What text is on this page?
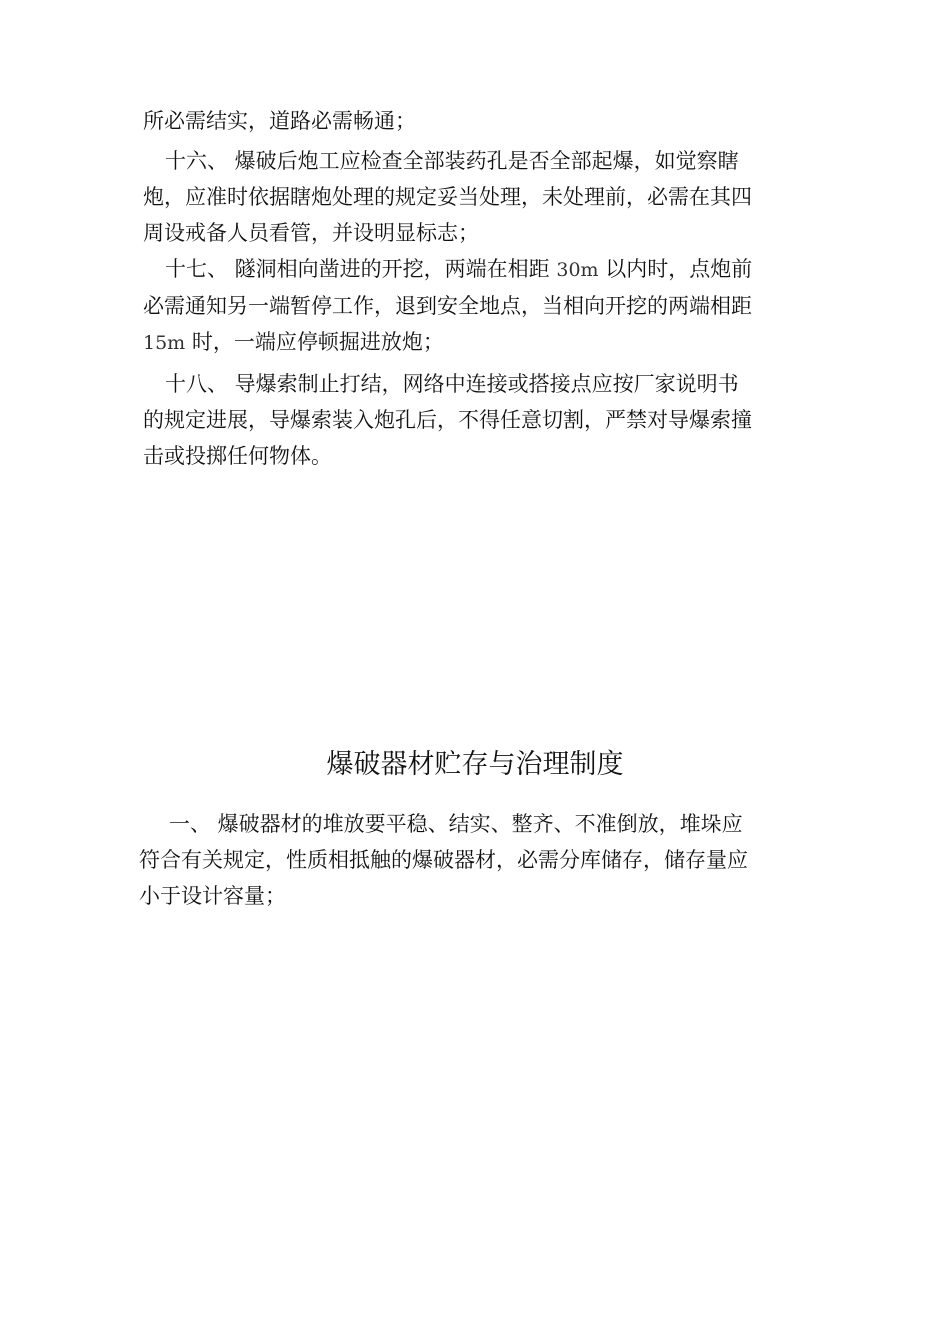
所必需结实，道路必需畅通；

十六、 爆破后炮工应检查全部装药孔是否全部起爆，如觉察瞎
炮，应准时依据瞎炮处理的规定妥当处理，未处理前，必需在其四
周设戒备人员看管，并设明显标志；

十七、 隧洞相向凿进的开挖，两端在相距 30m 以内时，点炮前
必需通知另一端暂停工作，退到安全地点，当相向开挖的两端相距
15m 时，一端应停顿掘进放炮；

十八、 导爆索制止打结，网络中连接或搭接点应按厂家说明书
的规定进展，导爆索装入炮孔后，不得任意切割，严禁对导爆索撞
击或投掷任何物体。

爆破器材贮存与治理制度

一、 爆破器材的堆放要平稳、结实、整齐、不准倒放，堆垛应
符合有关规定，性质相抵触的爆破器材，必需分库储存，储存量应
小于设计容量；
